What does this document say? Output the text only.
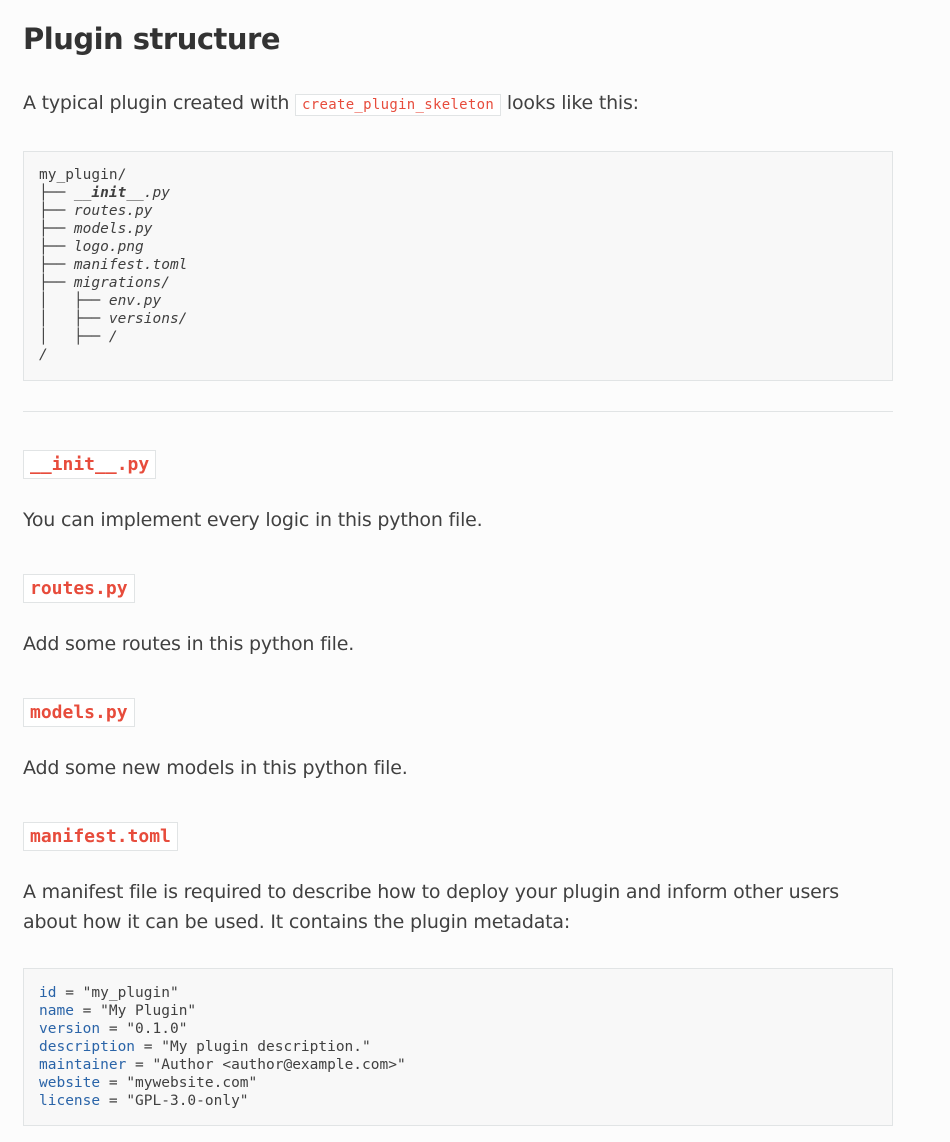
Plugin structure

A typical plugin created with create_plugin_skeleton looks like this:

my_plugin/
├── __init__.py
├── routes.py
├── models.py
├── logo.png
├── manifest.toml
├── migrations/
│   ├── env.py
│   ├── versions/
│   ├── /
/
__init__.py

You can implement every logic in this python file.

routes.py

Add some routes in this python file.

models.py

Add some new models in this python file.

manifest.toml

A manifest file is required to describe how to deploy your plugin and inform other users about how it can be used. It contains the plugin metadata:

id = "my_plugin"
name = "My Plugin"
version = "0.1.0"
description = "My plugin description."
maintainer = "Author <author@example.com>"
website = "mywebsite.com"
license = "GPL-3.0-only"
